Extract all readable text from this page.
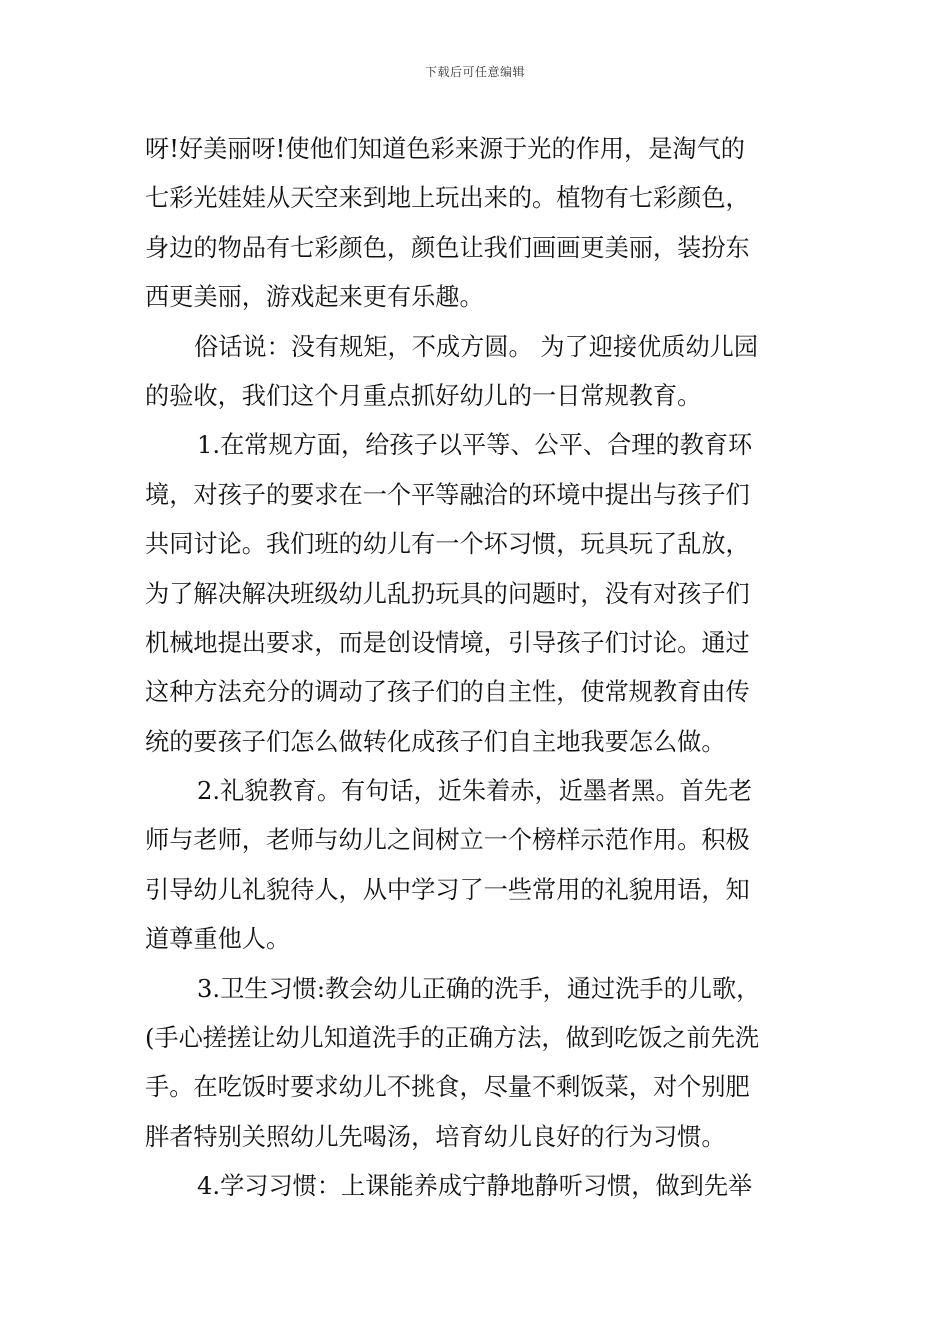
下载后可任意编辑
呀!好美丽呀!使他们知道色彩来源于光的作用，是淘气的
七彩光娃娃从天空来到地上玩出来的。植物有七彩颜色，
身边的物品有七彩颜色，颜色让我们画画更美丽，装扮东
西更美丽，游戏起来更有乐趣。
俗话说：没有规矩，不成方圆。 为了迎接优质幼儿园
的验收，我们这个月重点抓好幼儿的一日常规教育。
1.在常规方面，给孩子以平等、公平、合理的教育环
境，对孩子的要求在一个平等融洽的环境中提出与孩子们
共同讨论。我们班的幼儿有一个坏习惯，玩具玩了乱放，
为了解决解决班级幼儿乱扔玩具的问题时，没有对孩子们
机械地提出要求，而是创设情境，引导孩子们讨论。通过
这种方法充分的调动了孩子们的自主性，使常规教育由传
统的要孩子们怎么做转化成孩子们自主地我要怎么做。
2.礼貌教育。有句话，近朱着赤，近墨者黑。首先老
师与老师，老师与幼儿之间树立一个榜样示范作用。积极
引导幼儿礼貌待人，从中学习了一些常用的礼貌用语，知
道尊重他人。
3.卫生习惯:教会幼儿正确的洗手，通过洗手的儿歌，
(手心搓搓让幼儿知道洗手的正确方法，做到吃饭之前先洗
手。在吃饭时要求幼儿不挑食，尽量不剩饭菜，对个别肥
胖者特别关照幼儿先喝汤，培育幼儿良好的行为习惯。
4.学习习惯：上课能养成宁静地静听习惯，做到先举
